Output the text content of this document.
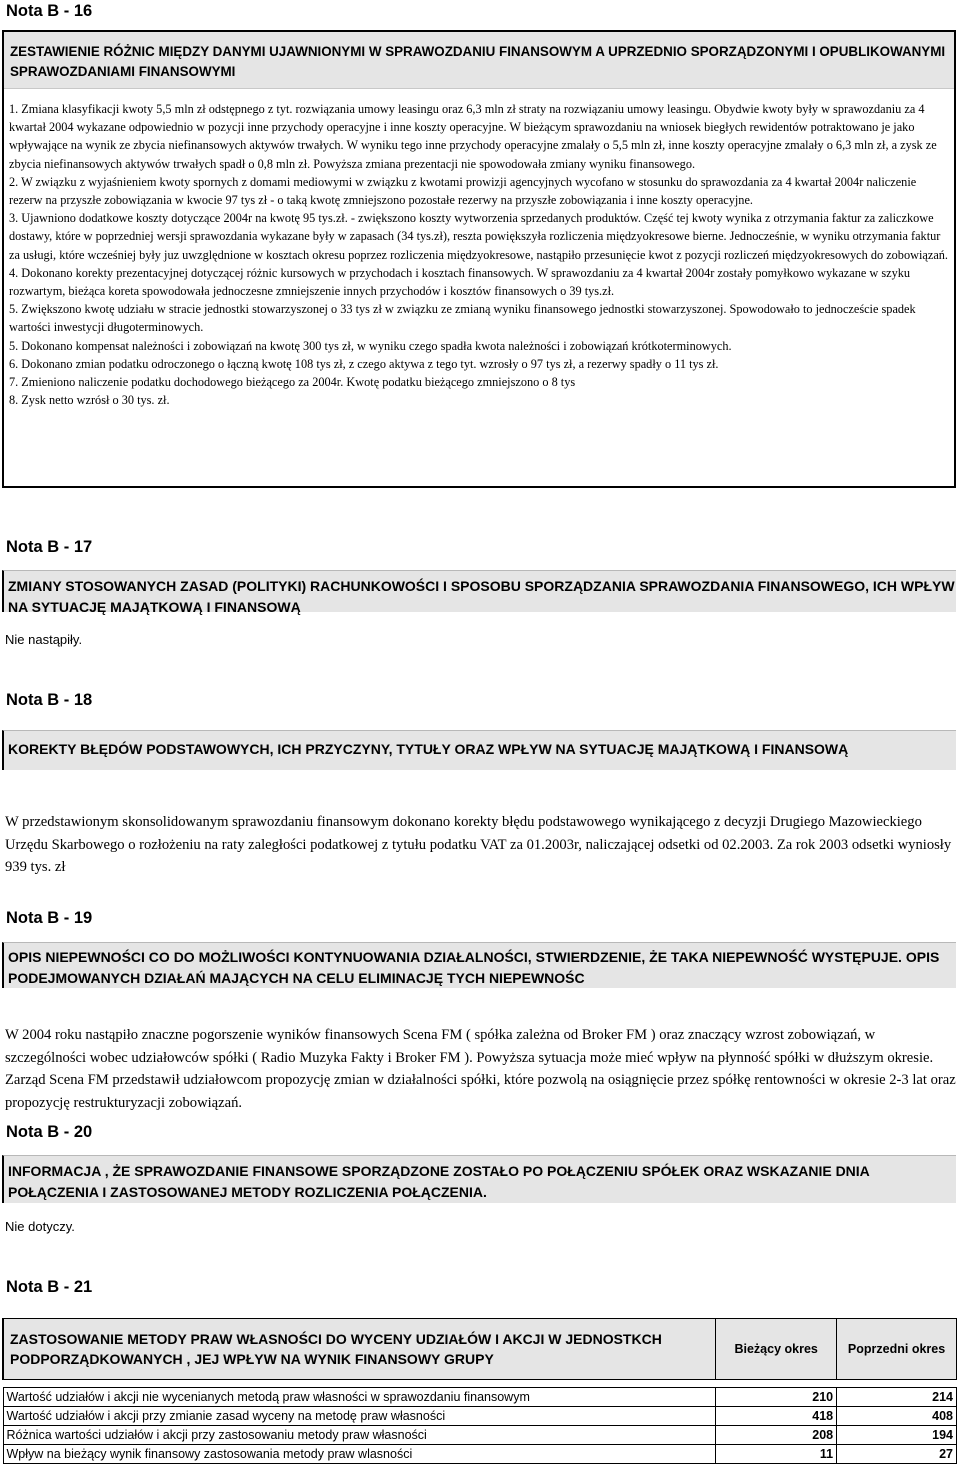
Nota B - 16
ZESTAWIENIE RÓŻNIC MIĘDZY DANYMI UJAWNIONYMI W SPRAWOZDANIU FINANSOWYM A UPRZEDNIO SPORZĄDZONYMI I OPUBLIKOWANYMI SPRAWOZDANIAMI FINANSOWYMI

1. Zmiana klasyfikacji kwoty 5,5 mln zł odstępnego z tyt. rozwiązania umowy leasingu oraz 6,3 mln zł straty na rozwiązaniu umowy leasingu. Obydwie kwoty były w sprawozdaniu za 4 kwartał 2004 wykazane odpowiednio w pozycji inne przychody operacyjne i inne koszty operacyjne. W bieżącym sprawozdaniu na wniosek biegłych rewidentów potraktowano je jako wpływające na wynik ze zbycia niefinansowych aktywów trwałych. W wyniku tego inne przychody operacyjne zmalały o 5,5 mln zł, inne koszty operacyjne zmalały o 6,3 mln zł, a zysk ze zbycia niefinansowych aktywów trwałych spadł o 0,8 mln zł. Powyższa zmiana prezentacji nie spowodowała zmiany wyniku finansowego.

2. W związku z wyjaśnieniem kwoty spornych z domami mediowymi w związku z kwotami prowizji agencyjnych wycofano w stosunku do sprawozdania za 4 kwartał 2004r naliczenie rezerw na przyszłe zobowiązania w kwocie 97 tys zł - o taką kwotę zmniejszono pozostałe rezerwy na przyszłe zobowiązania i inne koszty operacyjne.

3. Ujawniono dodatkowe koszty dotyczące 2004r na kwotę 95 tys.zł. - zwiększono koszty wytworzenia sprzedanych produktów. Część tej kwoty wynika z otrzymania faktur za zaliczkowe dostawy, które w poprzedniej wersji sprawozdania wykazane były w zapasach (34 tys.zł), reszta powiększyła rozliczenia międzyokresowe bierne. Jednocześnie, w wyniku otrzymania faktur za usługi, które wcześniej były juz uwzględnione w kosztach okresu poprzez rozliczenia międzyokresowe, nastąpiło przesunięcie kwot z pozycji rozliczeń międzyokresowych do zobowiązań.

4. Dokonano korekty prezentacyjnej dotyczącej różnic kursowych w przychodach i kosztach finansowych. W sprawozdaniu za 4 kwartał 2004r zostały pomyłkowo wykazane w szyku rozwartym, bieżąca koreta spowodowała jednoczesne zmniejszenie innych przychodów i kosztów finansowych o 39 tys.zł.

5. Zwiększono kwotę udziału w stracie jednostki stowarzyszonej o 33 tys zł w związku ze zmianą wyniku finansowego jednostki stowarzyszonej. Spowodowało to jednoczeście spadek wartości inwestycji długoterminowych.

5. Dokonano kompensat należności i zobowiązań na kwotę 300 tys zł, w wyniku czego spadła kwota należności i zobowiązań krótkoterminowych.

6. Dokonano zmian podatku odroczonego o łączną kwotę 108 tys zł, z czego aktywa z tego tyt. wzrosły o 97 tys zł, a rezerwy spadły o 11 tys zł.

7. Zmieniono naliczenie podatku dochodowego bieżącego za 2004r. Kwotę podatku bieżącego zmniejszono o 8 tys

8. Zysk netto wzrósł o 30 tys. zł.

Nota B - 17
ZMIANY STOSOWANYCH ZASAD (POLITYKI) RACHUNKOWOŚCI I SPOSOBU SPORZĄDZANIA SPRAWOZDANIA FINANSOWEGO, ICH WPŁYW NA SYTUACJĘ MAJĄTKOWĄ I FINANSOWĄ
Nie nastąpiły.
Nota B - 18
KOREKTY BŁĘDÓW PODSTAWOWYCH, ICH PRZYCZYNY, TYTUŁY ORAZ WPŁYW NA SYTUACJĘ MAJĄTKOWĄ I FINANSOWĄ
W przedstawionym skonsolidowanym sprawozdaniu finansowym dokonano korekty błędu podstawowego wynikającego z decyzji Drugiego Mazowieckiego Urzędu Skarbowego o rozłożeniu na raty zaległości podatkowej z tytułu podatku VAT za 01.2003r, naliczającej odsetki od 02.2003. Za rok 2003 odsetki wyniosły 939 tys. zł
Nota B - 19
OPIS NIEPEWNOŚCI CO DO MOŻLIWOŚCI KONTYNUOWANIA DZIAŁALNOŚCI, STWIERDZENIE, ŻE TAKA NIEPEWNOŚĆ WYSTĘPUJE. OPIS PODEJMOWANYCH DZIAŁAŃ MAJĄCYCH NA CELU ELIMINACJĘ TYCH NIEPEWNOŚC
W 2004 roku nastąpiło znaczne pogorszenie wyników finansowych Scena FM ( spółka zależna od Broker FM ) oraz znaczący wzrost zobowiązań, w szczególności wobec udziałowców spółki ( Radio Muzyka Fakty i Broker FM ). Powyższa sytuacja może mieć wpływ na płynność spółki w dłuższym okresie. Zarząd Scena FM przedstawił udziałowcom propozycję zmian w działalności spółki, które pozwolą na osiągnięcie przez spółkę rentowności w okresie 2-3 lat oraz propozycję restrukturyzacji zobowiązań.
Nota B - 20
INFORMACJA , ŻE SPRAWOZDANIE FINANSOWE SPORZĄDZONE ZOSTAŁO PO POŁĄCZENIU SPÓŁEK ORAZ WSKAZANIE DNIA POŁĄCZENIA I ZASTOSOWANEJ METODY ROZLICZENIA POŁĄCZENIA.
Nie dotyczy.
Nota B - 21
ZASTOSOWANIE METODY PRAW WŁASNOŚCI DO WYCENY UDZIAŁÓW I AKCJI W JEDNOSTKCH PODPORZĄDKOWANYCH , JEJ WPŁYW NA WYNIK FINANSOWY GRUPY	Bieżący okres	Poprzedni okres

Wartość udziałów i akcji nie wycenianych metodą praw własności w sprawozdaniu finansowym	210	214
Wartość udziałów i akcji przy zmianie zasad wyceny na metodę praw własności	418	408
Różnica wartości udziałów i akcji przy zastosowaniu metody praw własności	208	194
Wpływ na bieżący wynik finansowy zastosowania metody praw wlasności	11	27
